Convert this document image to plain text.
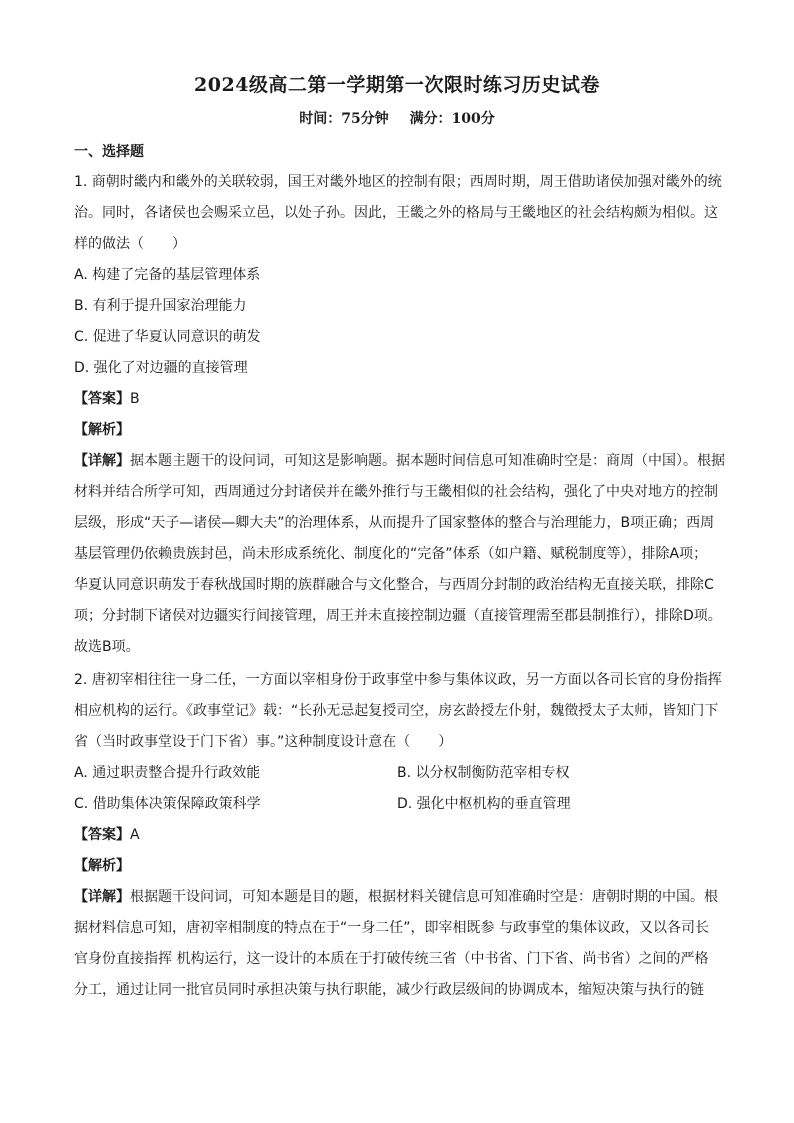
2024级高二第一学期第一次限时练习历史试卷
时间：75分钟 满分：100分
一、选择题
1. 商朝时畿内和畿外的关联较弱，国王对畿外地区的控制有限；西周时期，周王借助诸侯加强对畿外的统
治。同时，各诸侯也会赐采立邑，以处子孙。因此，王畿之外的格局与王畿地区的社会结构颇为相似。这
样的做法（　　）
A. 构建了完备的基层管理体系
B. 有利于提升国家治理能力
C. 促进了华夏认同意识的萌发
D. 强化了对边疆的直接管理
【答案】B
【解析】
【详解】据本题主题干的设问词，可知这是影响题。据本题时间信息可知准确时空是：商周（中国）。根据
材料并结合所学可知，西周通过分封诸侯并在畿外推行与王畿相似的社会结构，强化了中央对地方的控制
层级，形成“天子—诸侯—卿大夫”的治理体系，从而提升了国家整体的整合与治理能力，B项正确；西周
基层管理仍依赖贵族封邑，尚未形成系统化、制度化的“完备”体系（如户籍、赋税制度等），排除A项；
华夏认同意识萌发于春秋战国时期的族群融合与文化整合，与西周分封制的政治结构无直接关联，排除C
项；分封制下诸侯对边疆实行间接管理，周王并未直接控制边疆（直接管理需至郡县制推行），排除D项。
故选B项。
2. 唐初宰相往往一身二任，一方面以宰相身份于政事堂中参与集体议政，另一方面以各司长官的身份指挥
相应机构的运行。《政事堂记》载：“长孙无忌起复授司空，房玄龄授左仆射，魏徵授太子太师，皆知门下
省（当时政事堂设于门下省）事。”这种制度设计意在（　　）
A. 通过职责整合提升行政效能	B. 以分权制衡防范宰相专权
C. 借助集体决策保障政策科学	D. 强化中枢机构的垂直管理
【答案】A
【解析】
【详解】根据题干设问词，可知本题是目的题，根据材料关键信息可知准确时空是：唐朝时期的中国。根
据材料信息可知，唐初宰相制度的特点在于“一身二任”，即宰相既参 与政事堂的集体议政，又以各司长
官身份直接指挥 机构运行，这一设计的本质在于打破传统三省（中书省、门下省、尚书省）之间的严格
分工，通过让同一批官员同时承担决策与执行职能，减少行政层级间的协调成本，缩短决策与执行的链
